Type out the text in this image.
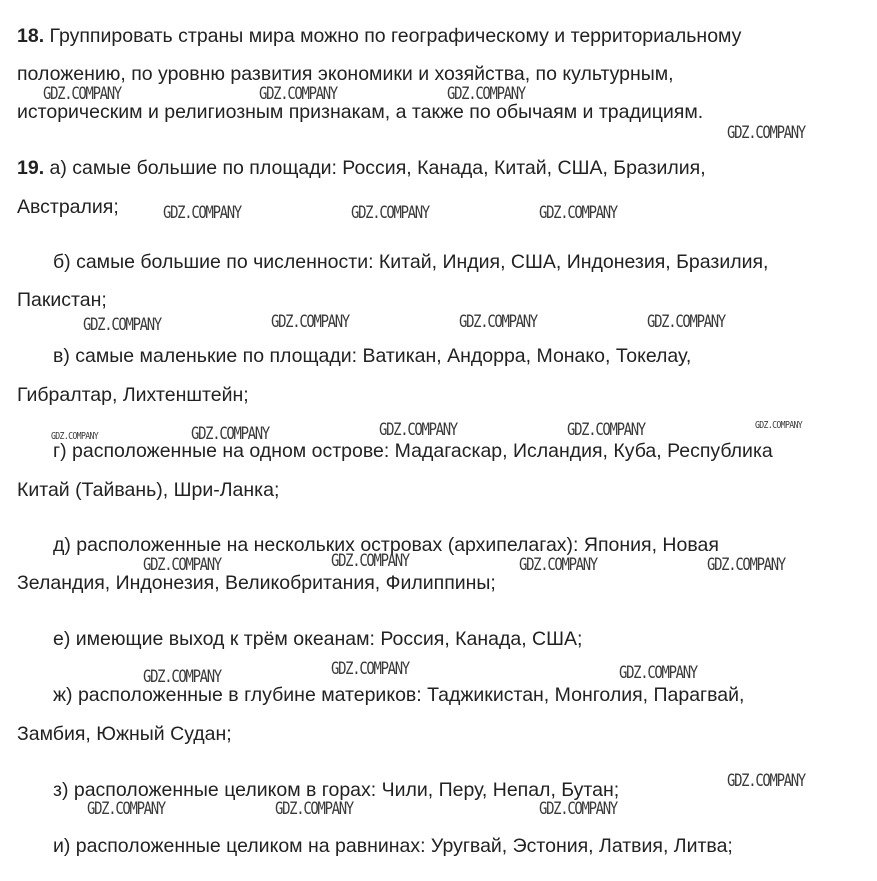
18. Группировать страны мира можно по географическому и территориальному
положению, по уровню развития экономики и хозяйства, по культурным,
историческим и религиозным признакам, а также по обычаям и традициям.
19. а) самые большие по площади: Россия, Канада, Китай, США, Бразилия,
Австралия;
б) самые большие по численности: Китай, Индия, США, Индонезия, Бразилия,
Пакистан;
в) самые маленькие по площади: Ватикан, Андорра, Монако, Токелау,
Гибралтар, Лихтенштейн;
г) расположенные на одном острове: Мадагаскар, Исландия, Куба, Республика
Китай (Тайвань), Шри-Ланка;
д) расположенные на нескольких островах (архипелагах): Япония, Новая
Зеландия, Индонезия, Великобритания, Филиппины;
е) имеющие выход к трём океанам: Россия, Канада, США;
ж) расположенные в глубине материков: Таджикистан, Монголия, Парагвай,
Замбия, Южный Судан;
з) расположенные целиком в горах: Чили, Перу, Непал, Бутан;
и) расположенные целиком на равнинах: Уругвай, Эстония, Латвия, Литва;
GDZ.COMPANY	GDZ.COMPANY	GDZ.COMPANY
GDZ.COMPANY
GDZ.COMPANY	GDZ.COMPANY	GDZ.COMPANY
GDZ.COMPANY	GDZ.COMPANY	GDZ.COMPANY	GDZ.COMPANY
GDZ.COMPANY	GDZ.COMPANY	GDZ.COMPANY	GDZ.COMPANY	GDZ.COMPANY
GDZ.COMPANY	GDZ.COMPANY	GDZ.COMPANY	GDZ.COMPANY
GDZ.COMPANY	GDZ.COMPANY	GDZ.COMPANY
GDZ.COMPANY
GDZ.COMPANY	GDZ.COMPANY	GDZ.COMPANY
